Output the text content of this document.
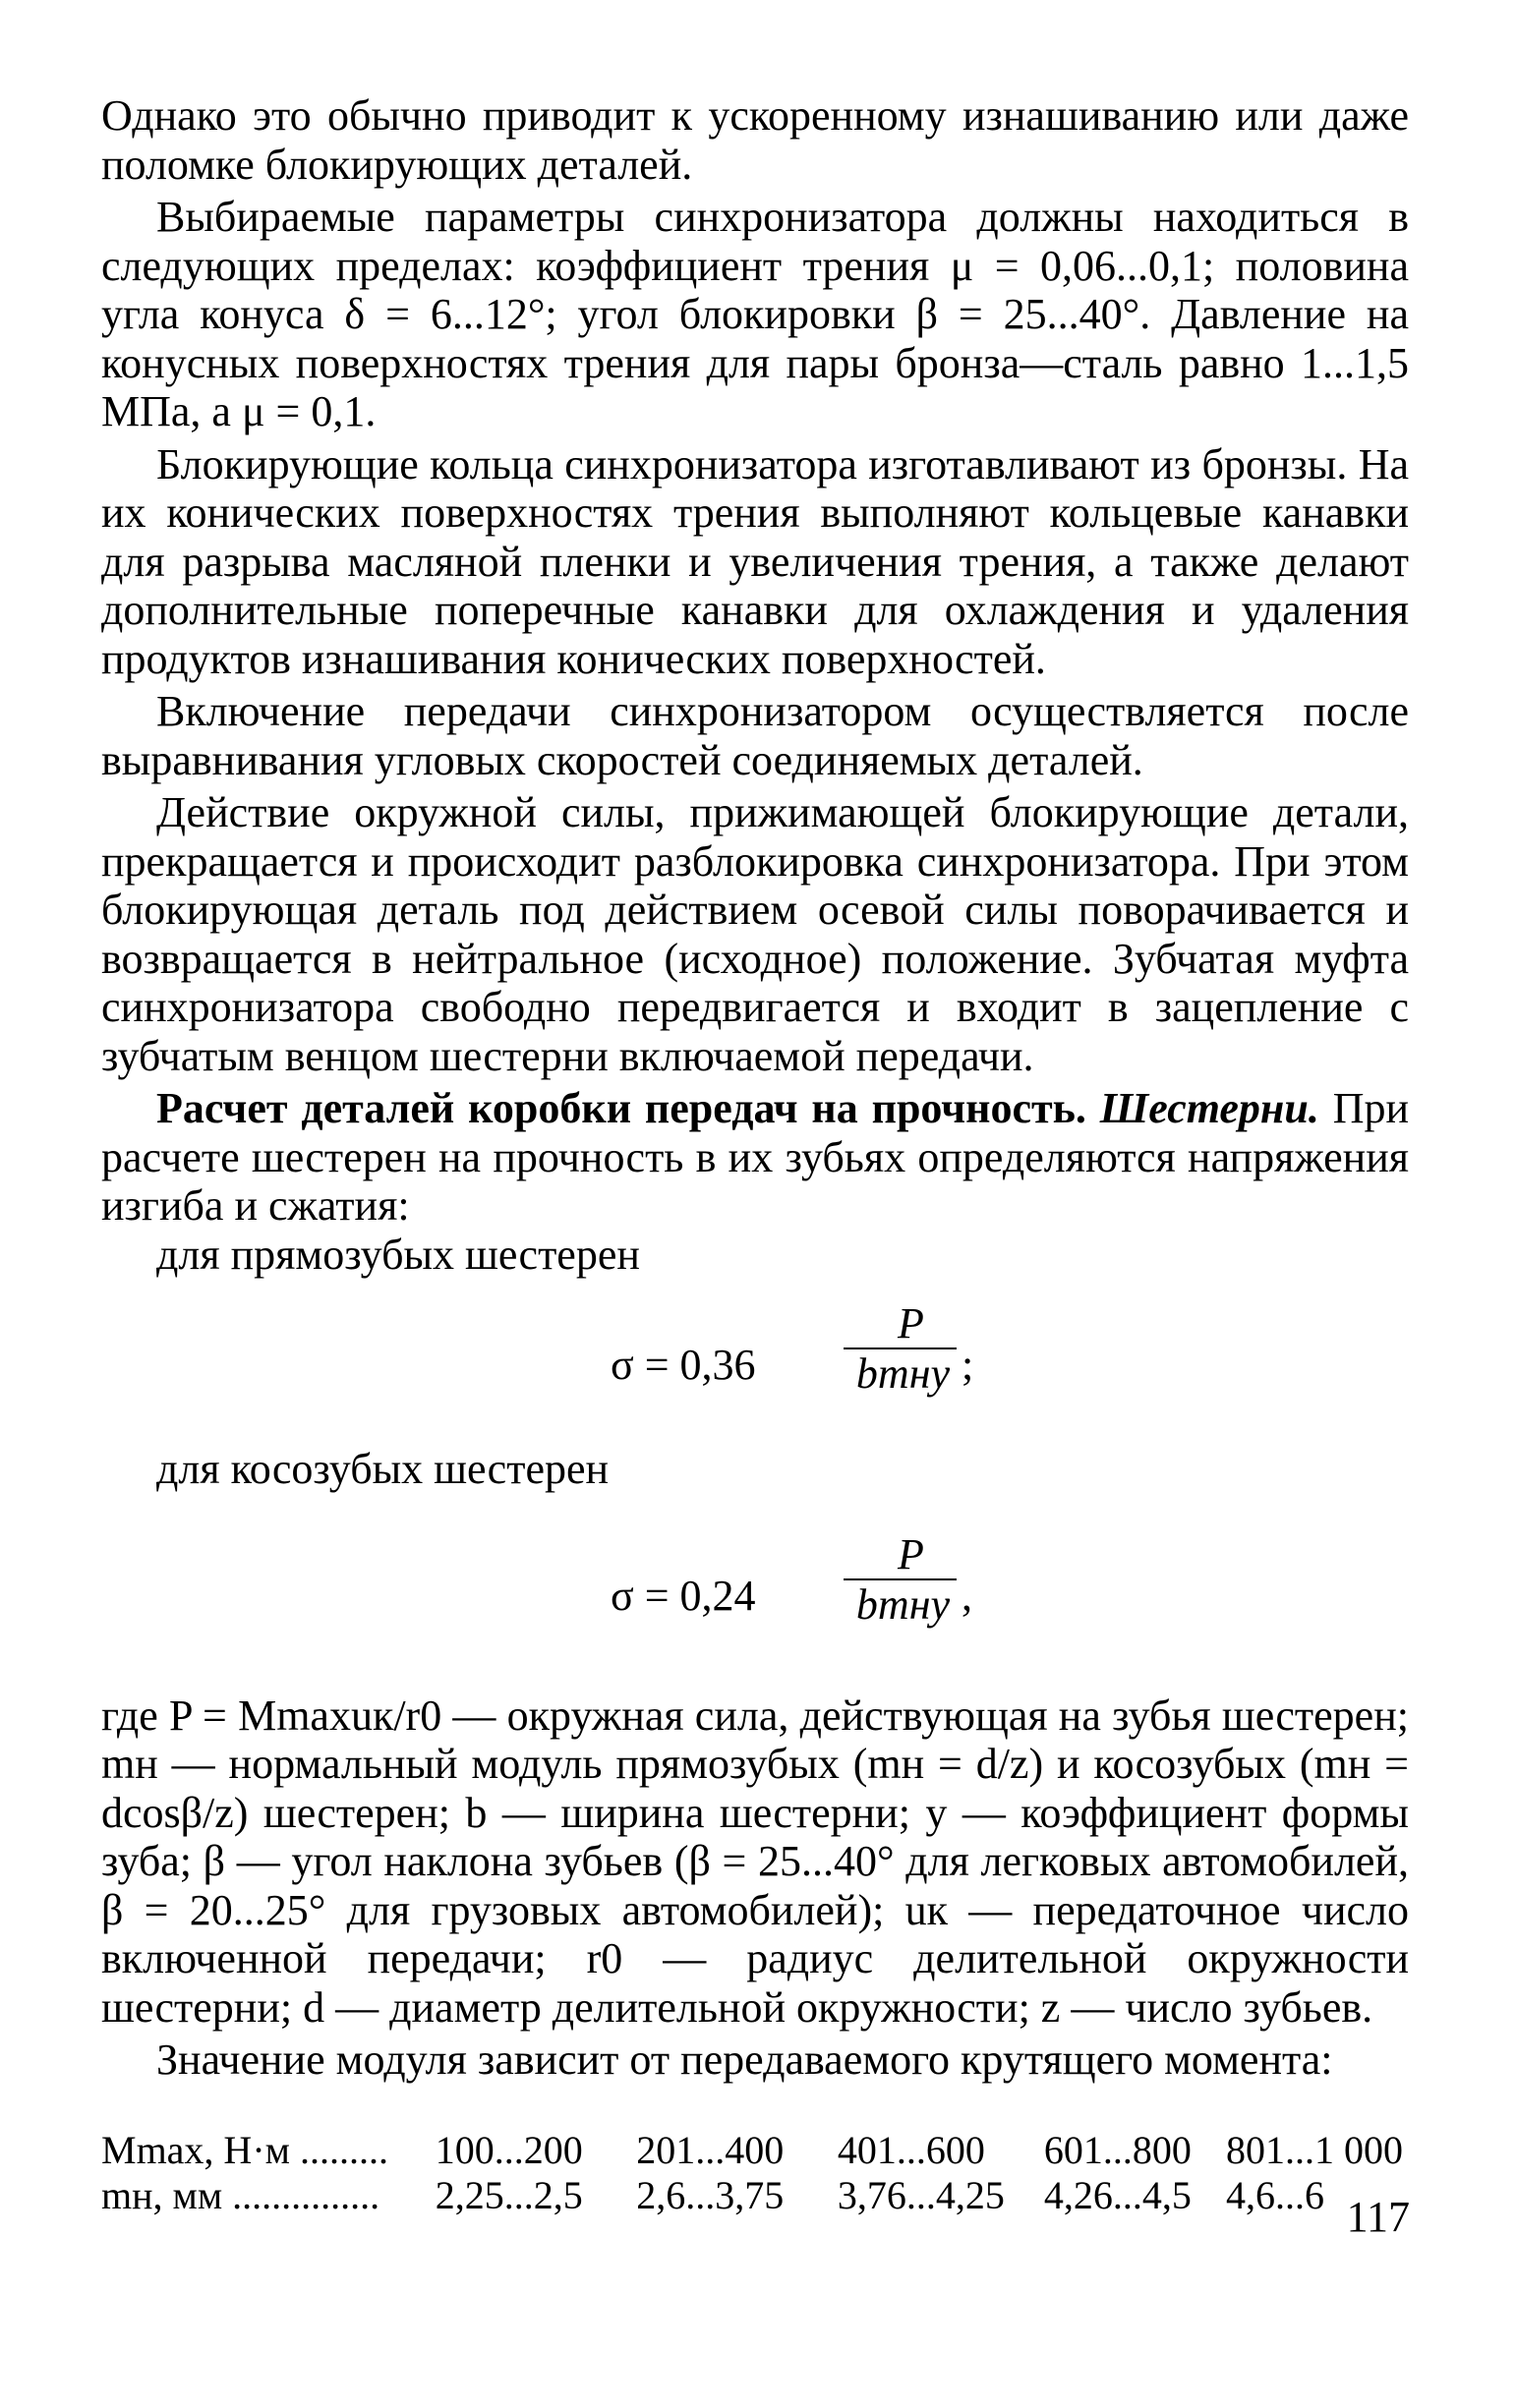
Однако это обычно приводит к ускоренному изнашиванию или даже поломке блокирующих деталей.

Выбираемые параметры синхронизатора должны находиться в следующих пределах: коэффициент трения μ = 0,06...0,1; половина угла конуса δ = 6...12°; угол блокировки β = 25...40°. Давление на конусных поверхностях трения для пары бронза—сталь равно 1...1,5 МПа, а μ = 0,1.

Блокирующие кольца синхронизатора изготавливают из бронзы. На их конических поверхностях трения выполняют кольцевые канавки для разрыва масляной пленки и увеличения трения, а также делают дополнительные поперечные канавки для охлаждения и удаления продуктов изнашивания конических поверхностей.

Включение передачи синхронизатором осуществляется после выравнивания угловых скоростей соединяемых деталей.

Действие окружной силы, прижимающей блокирующие детали, прекращается и происходит разблокировка синхронизатора. При этом блокирующая деталь под действием осевой силы поворачивается и возвращается в нейтральное (исходное) положение. Зубчатая муфта синхронизатора свободно передвигается и входит в зацепление с зубчатым венцом шестерни включаемой передачи.

Расчет деталей коробки передач на прочность. Шестерни. При расчете шестерен на прочность в их зубьях определяются напряжения изгиба и сжатия:

для прямозубых шестерен
σ = 0,36
P
bmнy ;
для косозубых шестерен
σ = 0,24
P
bmнy ,

где P = Mmaxuк/r0 — окружная сила, действующая на зубья шестерен; mн — нормальный модуль прямозубых (mн = d/z) и косозубых (mн = dcosβ/z) шестерен; b — ширина шестерни; y — коэффициент формы зуба; β — угол наклона зубьев (β = 25...40° для легковых автомобилей, β = 20...25° для грузовых автомобилей); uк — передаточное число включенной передачи; r0 — радиус делительной окружности шестерни; d — диаметр делительной окружности; z — число зубьев.

Значение модуля зависит от передаваемого крутящего момента:

Mmax, Н·м .........	100...200	201...400	401...600	601...800	801...1 000
mн, мм ...............	2,25...2,5	2,6...3,75	3,76...4,25	4,26...4,5	4,6...6 117
